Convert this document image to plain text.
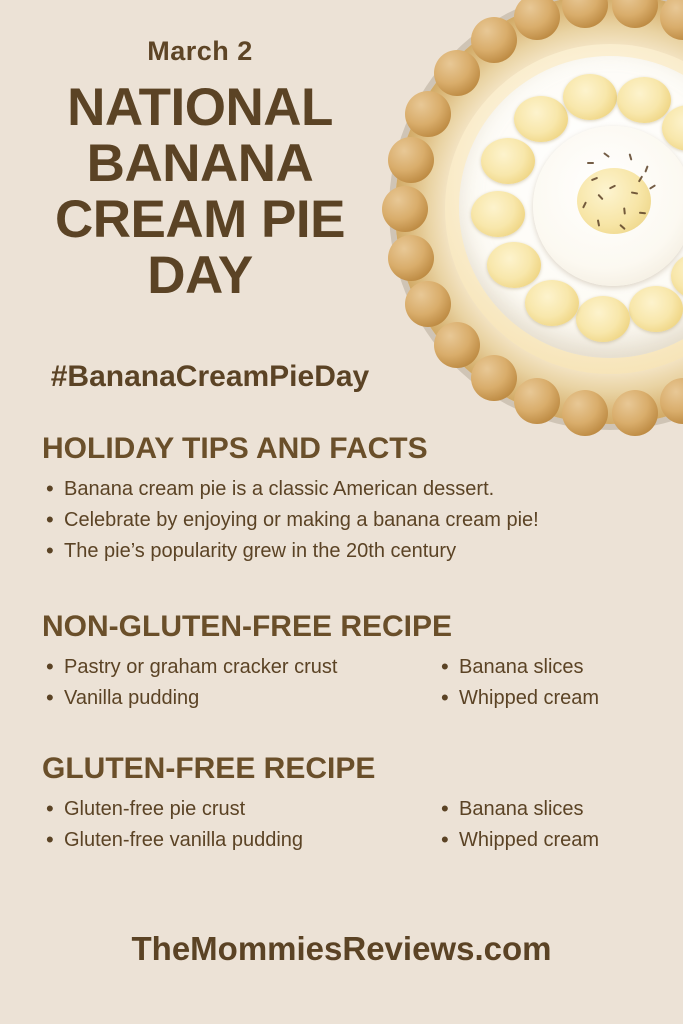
March 2
NATIONAL
BANANA
CREAM PIE
DAY
#BananaCreamPieDay
HOLIDAY TIPS AND FACTS
• Banana cream pie is a classic American dessert.
• Celebrate by enjoying or making a banana cream pie!
• The pie’s popularity grew in the 20th century
NON-GLUTEN-FREE RECIPE
• Pastry or graham cracker crust
• Vanilla pudding
• Banana slices
• Whipped cream
GLUTEN-FREE RECIPE
• Gluten-free pie crust
• Gluten-free vanilla pudding
• Banana slices
• Whipped cream
TheMommiesReviews.com
